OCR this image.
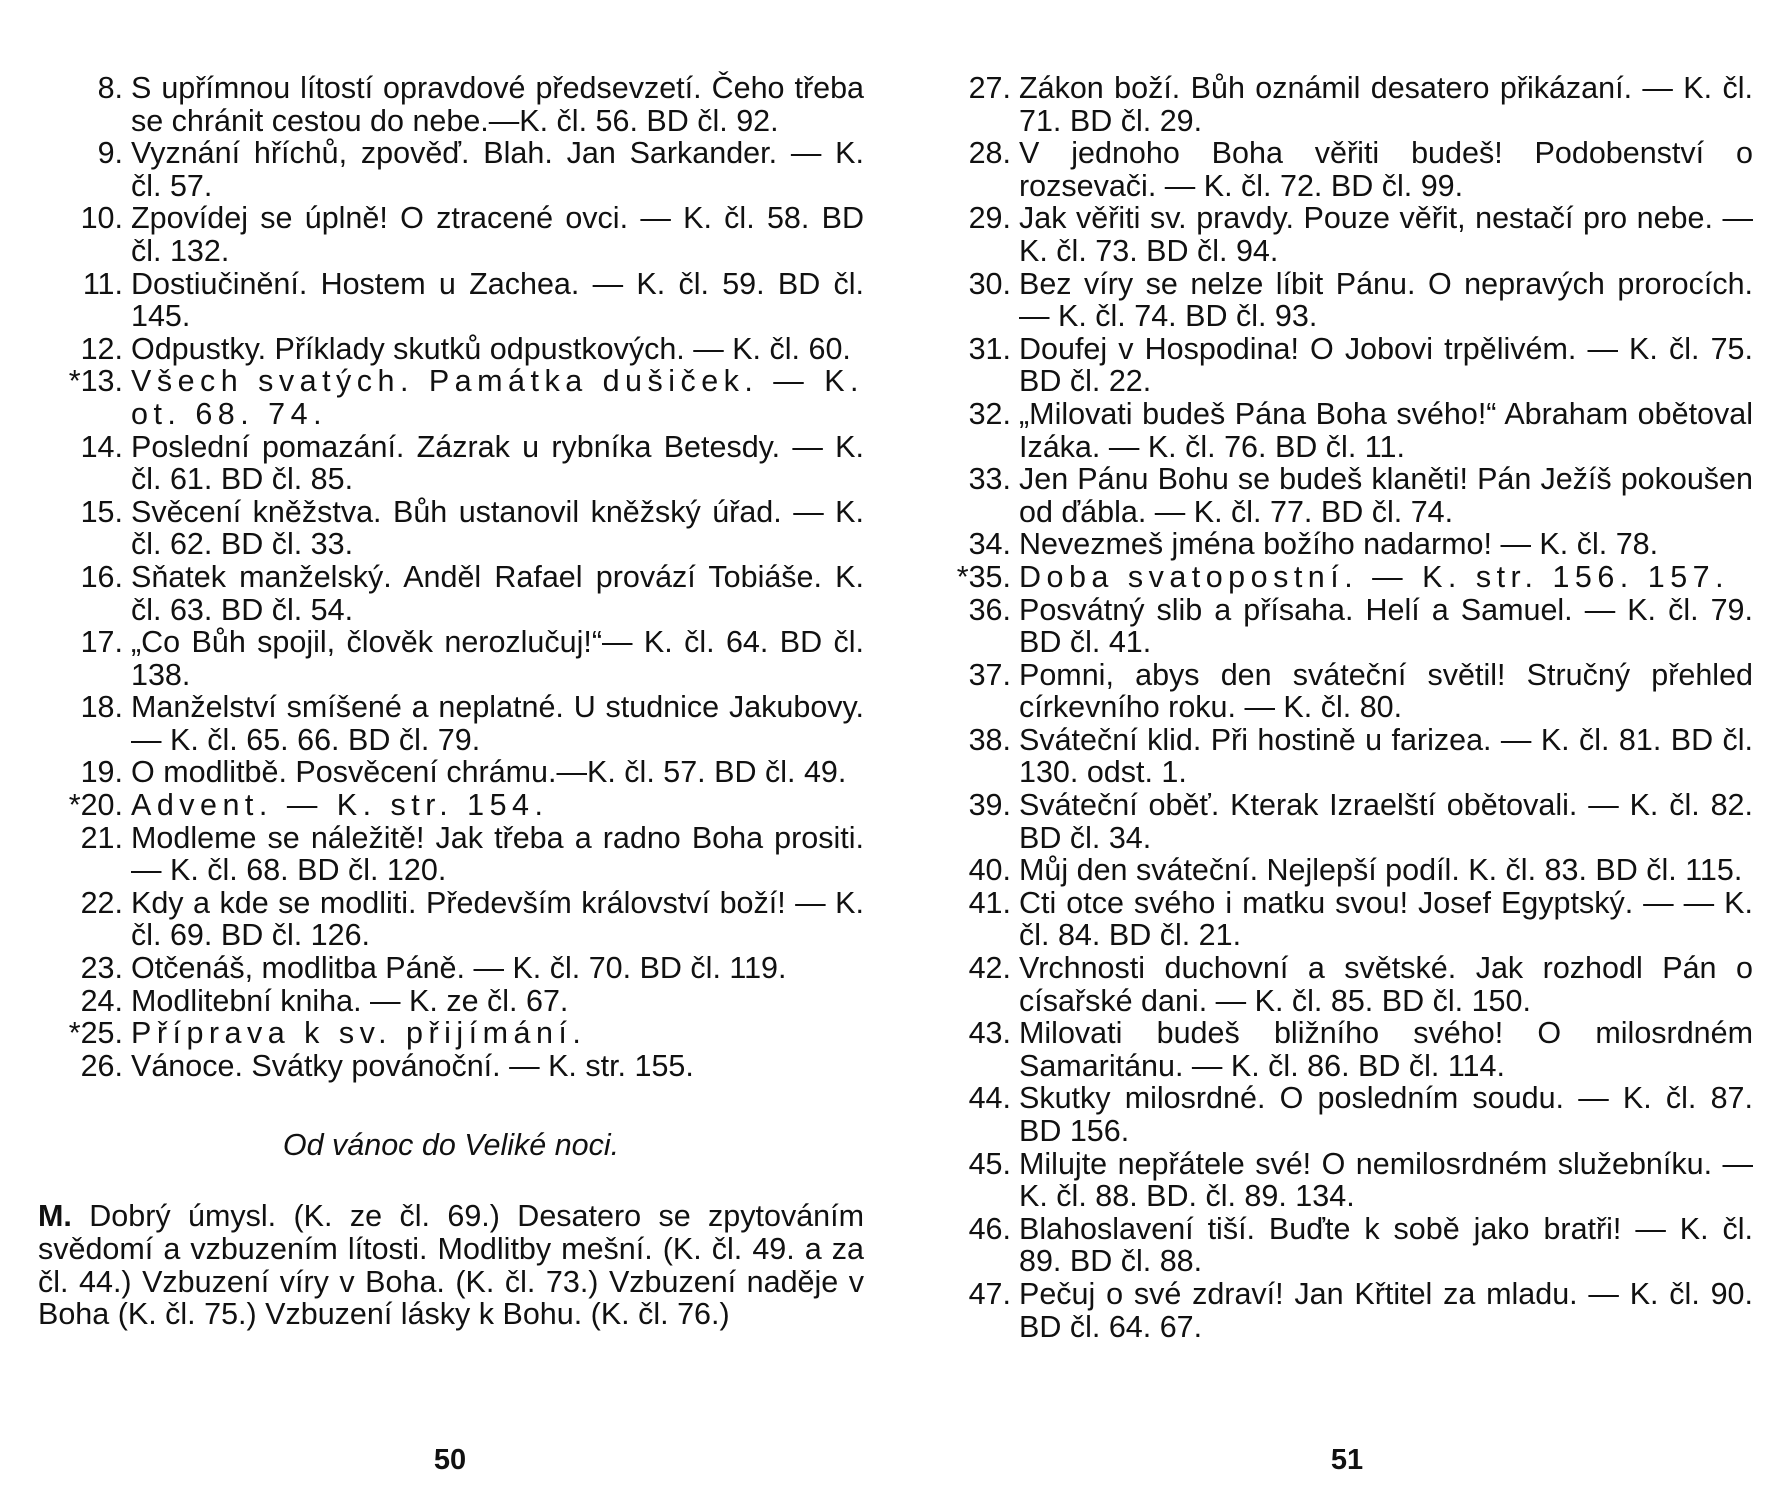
8. S upřímnou lítostí opravdové předsevzetí. Čeho třeba se chránit cestou do nebe.—K. čl. 56. BD čl. 92.
9. Vyznání hříchů, zpověď. Blah. Jan Sarkander. — K. čl. 57.
10. Zpovídej se úplně! O ztracené ovci. — K. čl. 58. BD čl. 132.
11. Dostiučinění. Hostem u Zachea. — K. čl. 59. BD čl. 145.
12. Odpustky. Příklady skutků odpustkových. — K. čl. 60.
*13. Všech svatých. Památka dušiček. — K. ot. 68. 74.
14. Poslední pomazání. Zázrak u rybníka Betesdy. — K. čl. 61. BD čl. 85.
15. Svěcení kněžstva. Bůh ustanovil kněžský úřad. — K. čl. 62. BD čl. 33.
16. Sňatek manželský. Anděl Rafael provází Tobiáše. K. čl. 63. BD čl. 54.
17. „Co Bůh spojil, člověk nerozlučuj!“— K. čl. 64. BD čl. 138.
18. Manželství smíšené a neplatné. U studnice Jakubovy. — K. čl. 65. 66. BD čl. 79.
19. O modlitbě. Posvěcení chrámu.—K. čl. 57. BD čl. 49.
*20. Advent. — K. str. 154.
21. Modleme se náležitě! Jak třeba a radno Boha prositi. — K. čl. 68. BD čl. 120.
22. Kdy a kde se modliti. Především království boží! — K. čl. 69. BD čl. 126.
23. Otčenáš, modlitba Páně. — K. čl. 70. BD čl. 119.
24. Modlitební kniha. — K. ze čl. 67.
*25. Příprava k sv. přijímání.
26. Vánoce. Svátky povánoční. — K. str. 155.
Od vánoc do Veliké noci.

M. Dobrý úmysl. (K. ze čl. 69.) Desatero se zpytováním svědomí a vzbuzením lítosti. Modlitby mešní. (K. čl. 49. a za čl. 44.) Vzbuzení víry v Boha. (K. čl. 73.) Vzbuzení naděje v Boha (K. čl. 75.) Vzbuzení lásky k Bohu. (K. čl. 76.)

27. Zákon boží. Bůh oznámil desatero přikázaní. — K. čl. 71. BD čl. 29.
28. V jednoho Boha věřiti budeš! Podobenství o rozsevači. — K. čl. 72. BD čl. 99.
29. Jak věřiti sv. pravdy. Pouze věřit, nestačí pro nebe. — K. čl. 73. BD čl. 94.
30. Bez víry se nelze líbit Pánu. O nepravých prorocích. — K. čl. 74. BD čl. 93.
31. Doufej v Hospodina! O Jobovi trpělivém. — K. čl. 75. BD čl. 22.
32. „Milovati budeš Pána Boha svého!“ Abraham obětoval Izáka. — K. čl. 76. BD čl. 11.
33. Jen Pánu Bohu se budeš klaněti! Pán Ježíš pokoušen od ďábla. — K. čl. 77. BD čl. 74.
34. Nevezmeš jména božího nadarmo! — K. čl. 78.
*35. Doba svatopostní. — K. str. 156. 157.
36. Posvátný slib a přísaha. Helí a Samuel. — K. čl. 79. BD čl. 41.
37. Pomni, abys den sváteční světil! Stručný přehled církevního roku. — K. čl. 80.
38. Sváteční klid. Při hostině u farizea. — K. čl. 81. BD čl. 130. odst. 1.
39. Sváteční oběť. Kterak Izraelští obětovali. — K. čl. 82. BD čl. 34.
40. Můj den sváteční. Nejlepší podíl. K. čl. 83. BD čl. 115.
41. Cti otce svého i matku svou! Josef Egyptský. — — K. čl. 84. BD čl. 21.
42. Vrchnosti duchovní a světské. Jak rozhodl Pán o císařské dani. — K. čl. 85. BD čl. 150.
43. Milovati budeš bližního svého! O milosrdném Samaritánu. — K. čl. 86. BD čl. 114.
44. Skutky milosrdné. O posledním soudu. — K. čl. 87. BD 156.
45. Milujte nepřátele své! O nemilosrdném služebníku. — K. čl. 88. BD. čl. 89. 134.
46. Blahoslavení tiší. Buďte k sobě jako bratři! — K. čl. 89. BD čl. 88.
47. Pečuj o své zdraví! Jan Křtitel za mladu. — K. čl. 90. BD čl. 64. 67.
50	51
